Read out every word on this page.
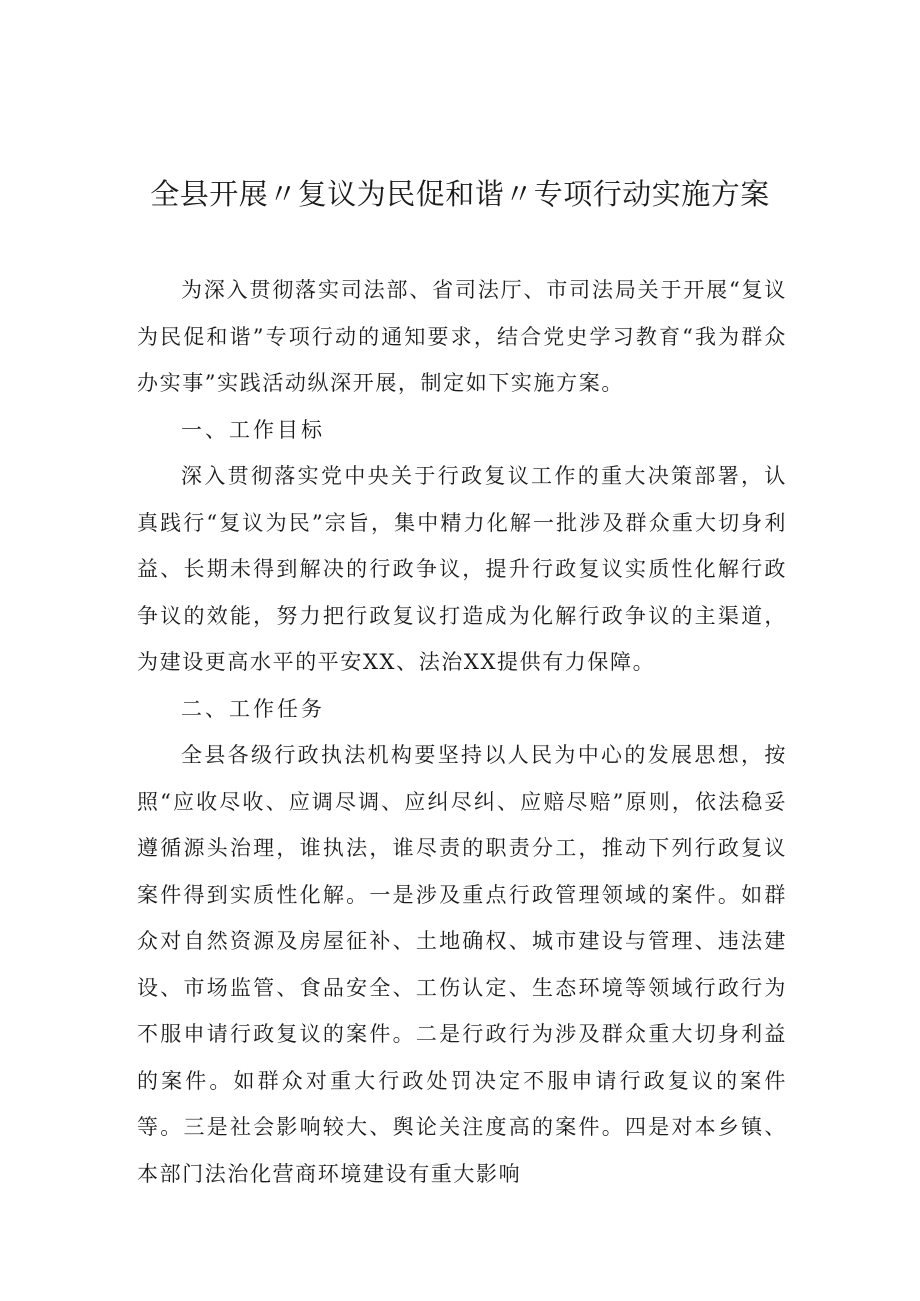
全县开展〃复议为民促和谐〃专项行动实施方案

为深入贯彻落实司法部、省司法厅、市司法局关于开展“复议为民促和谐”专项行动的通知要求，结合党史学习教育“我为群众办实事”实践活动纵深开展，制定如下实施方案。

一、工作目标

深入贯彻落实党中央关于行政复议工作的重大决策部署，认真践行“复议为民”宗旨，集中精力化解一批涉及群众重大切身利益、长期未得到解决的行政争议，提升行政复议实质性化解行政争议的效能，努力把行政复议打造成为化解行政争议的主渠道，为建设更高水平的平安XX、法治XX提供有力保障。

二、工作任务

全县各级行政执法机构要坚持以人民为中心的发展思想，按照“应收尽收、应调尽调、应纠尽纠、应赔尽赔”原则，依法稳妥遵循源头治理，谁执法，谁尽责的职责分工，推动下列行政复议案件得到实质性化解。一是涉及重点行政管理领域的案件。如群众对自然资源及房屋征补、土地确权、城市建设与管理、违法建设、市场监管、食品安全、工伤认定、生态环境等领域行政行为不服申请行政复议的案件。二是行政行为涉及群众重大切身利益的案件。如群众对重大行政处罚决定不服申请行政复议的案件等。三是社会影响较大、舆论关注度高的案件。四是对本乡镇、本部门法治化营商环境建设有重大影响
